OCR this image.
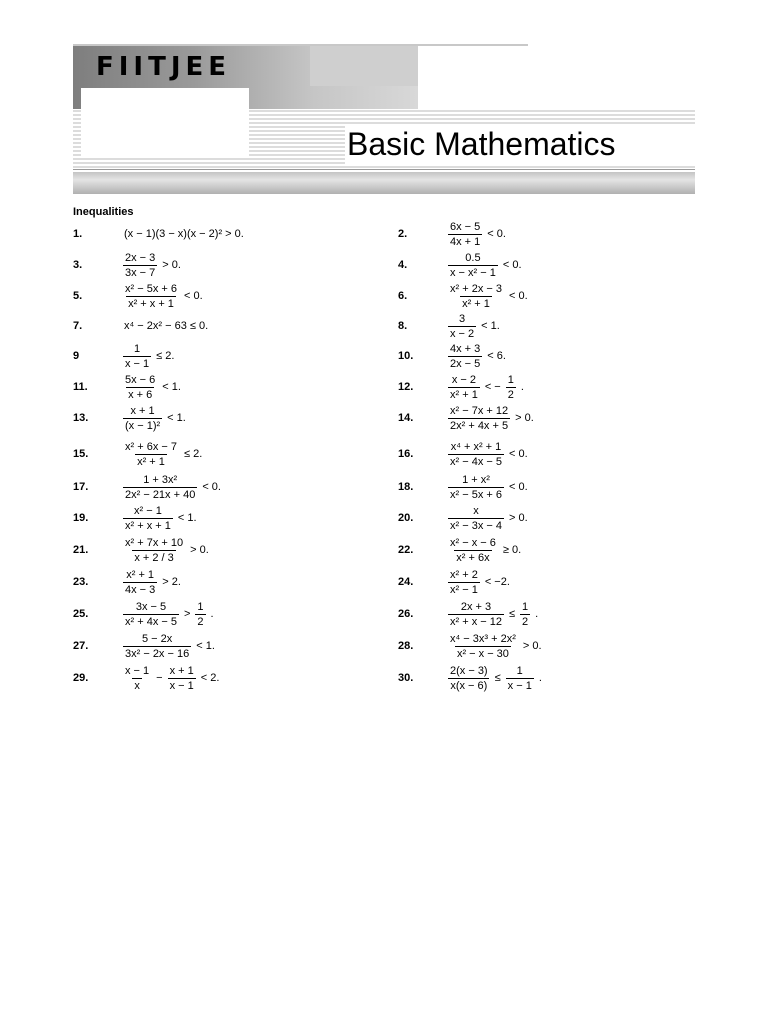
FIITJEE
Basic Mathematics
Inequalities
1.	(x − 1)(3 − x)(x − 2)² > 0.	2.	$\frac{6x - 5}{4x + 1} < 0$.
3.	$\frac{2x - 3}{3x - 7} > 0$.	4.	$\frac{0.5}{\text{x − x² − 1}} < 0$.
5.	$\frac{\text{x² − 5x + 6}}{\text{x² + x + 1}} < 0$.	6.	$\frac{\text{x² + 2x − 3}}{\text{x² + 1}} < 0$.
7.	x⁴ − 2x² − 63 ≤ 0.	8.	$\frac{3}{x - 2} < 1$.
9	$\frac{1}{x - 1} \le 2$.	10.	$\frac{4x + 3}{2x - 5} < 6$.
11.	$\frac{5x - 6}{x + 6} < 1$.	12.	$\frac{x - 2}{\text{x² + 1}}$ < − $\frac{1}{2}$ .
13.	$\frac{x + 1}{\text{(x − 1)²}} < 1$.	14.	$\frac{\text{x² − 7x + 12}}{\text{2x² + 4x + 5}} > 0$.
15.	$\frac{\text{x² + 6x − 7}}{\text{x² + 1}} \le 2$.	16.	$\frac{\text{x⁴ + x² + 1}}{\text{x² − 4x − 5}} < 0$.
17.	$\frac{\text{1 + 3x²}}{\text{2x² − 21x + 40}} < 0$.	18.	$\frac{\text{1 + x²}}{\text{x² − 5x + 6}} < 0$.
19.	$\frac{\text{x² − 1}}{\text{x² + x + 1}} < 1$.	20.	$\frac{x}{\text{x² − 3x − 4}} > 0$.
21.	$\frac{\text{x² + 7x + 10}}{x + 2 / 3} > 0$.	22.	$\frac{\text{x² − x − 6}}{\text{x² + 6x}} \ge 0$.
23.	$\frac{\text{x² + 1}}{4x - 3} > 2$.	24.	$\frac{\text{x² + 2}}{\text{x² − 1}} < -2$.
25.	$\frac{3x - 5}{\text{x² + 4x − 5}} > \frac{1}{2}$ .	26.	$\frac{2x + 3}{\text{x² + x − 12}} \le \frac{1}{2}$ .
27.	$\frac{5 - 2x}{\text{3x² − 2x − 16}} < 1$.	28.	$\frac{\text{x⁴ − 3x³ + 2x²}}{\text{x² − x − 30}} > 0$.
29.	$\frac{x - 1}{x} - \frac{x + 1}{x - 1} < 2$.	30.	$\frac{2(x - 3)}{x(x - 6)} \le \frac{1}{x - 1}$ .
